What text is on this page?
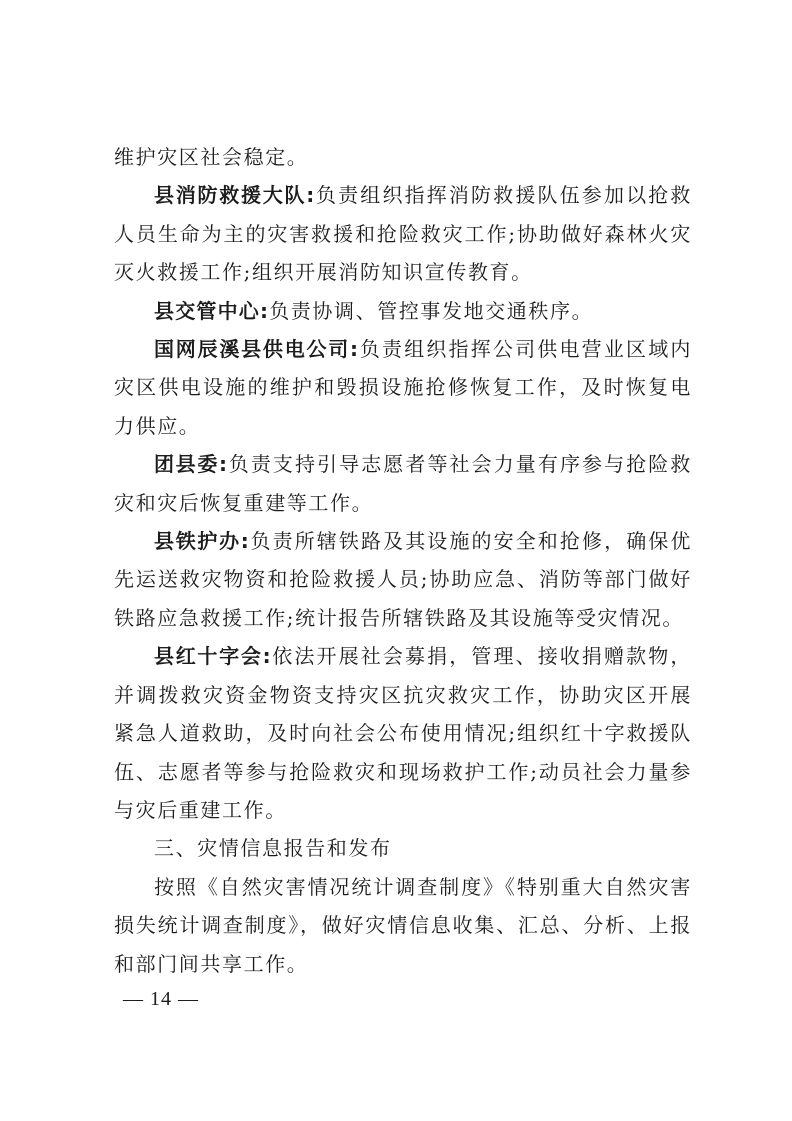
维护灾区社会稳定。

县消防救援大队:负责组织指挥消防救援队伍参加以抢救人员生命为主的灾害救援和抢险救灾工作;协助做好森林火灾灭火救援工作;组织开展消防知识宣传教育。

县交管中心:负责协调、管控事发地交通秩序。

国网辰溪县供电公司:负责组织指挥公司供电营业区域内灾区供电设施的维护和毁损设施抢修恢复工作，及时恢复电力供应。

团县委:负责支持引导志愿者等社会力量有序参与抢险救灾和灾后恢复重建等工作。

县铁护办:负责所辖铁路及其设施的安全和抢修，确保优先运送救灾物资和抢险救援人员;协助应急、消防等部门做好铁路应急救援工作;统计报告所辖铁路及其设施等受灾情况。

县红十字会:依法开展社会募捐，管理、接收捐赠款物，并调拨救灾资金物资支持灾区抗灾救灾工作，协助灾区开展紧急人道救助，及时向社会公布使用情况;组织红十字救援队伍、志愿者等参与抢险救灾和现场救护工作;动员社会力量参与灾后重建工作。

三、灾情信息报告和发布

按照《自然灾害情况统计调查制度》《特别重大自然灾害损失统计调查制度》，做好灾情信息收集、汇总、分析、上报和部门间共享工作。

— 14 —
